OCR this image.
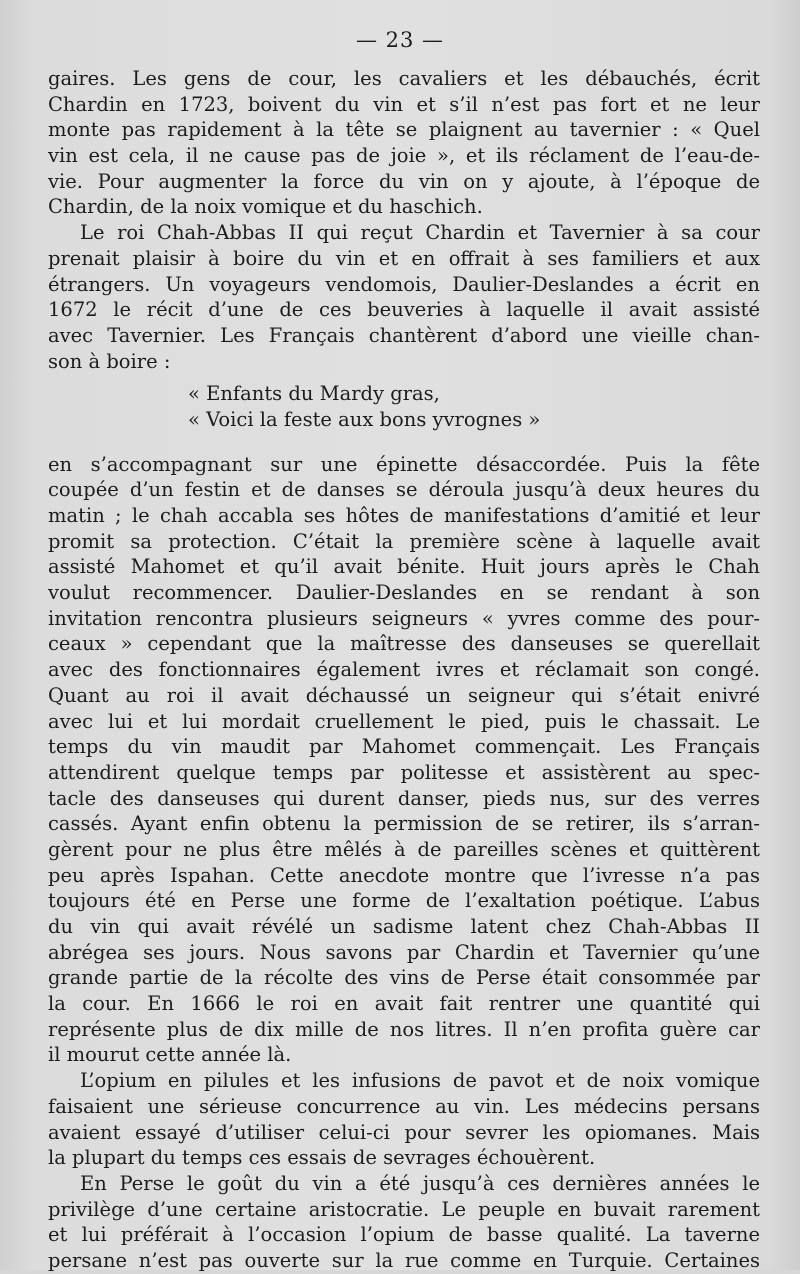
— 23 —
gaires. Les gens de cour, les cavaliers et les débauchés, écrit
Chardin en 1723, boivent du vin et s’il n’est pas fort et ne leur
monte pas rapidement à la tête se plaignent au tavernier : « Quel
vin est cela, il ne cause pas de joie », et ils réclament de l’eau-de-
vie. Pour augmenter la force du vin on y ajoute, à l’époque de
Chardin, de la noix vomique et du haschich.
Le roi Chah-Abbas II qui reçut Chardin et Tavernier à sa cour
prenait plaisir à boire du vin et en offrait à ses familiers et aux
étrangers. Un voyageurs vendomois, Daulier-Deslandes a écrit en
1672 le récit d’une de ces beuveries à laquelle il avait assisté
avec Tavernier. Les Français chantèrent d’abord une vieille chan-
son à boire :
« Enfants du Mardy gras,
« Voici la feste aux bons yvrognes »
en s’accompagnant sur une épinette désaccordée. Puis la fête
coupée d’un festin et de danses se déroula jusqu’à deux heures du
matin ; le chah accabla ses hôtes de manifestations d’amitié et leur
promit sa protection. C’était la première scène à laquelle avait
assisté Mahomet et qu’il avait bénite. Huit jours après le Chah
voulut recommencer. Daulier-Deslandes en se rendant à son
invitation rencontra plusieurs seigneurs « yvres comme des pour-
ceaux » cependant que la maîtresse des danseuses se querellait
avec des fonctionnaires également ivres et réclamait son congé.
Quant au roi il avait déchaussé un seigneur qui s’était enivré
avec lui et lui mordait cruellement le pied, puis le chassait. Le
temps du vin maudit par Mahomet commençait. Les Français
attendirent quelque temps par politesse et assistèrent au spec-
tacle des danseuses qui durent danser, pieds nus, sur des verres
cassés. Ayant enfin obtenu la permission de se retirer, ils s’arran-
gèrent pour ne plus être mêlés à de pareilles scènes et quittèrent
peu après Ispahan. Cette anecdote montre que l’ivresse n’a pas
toujours été en Perse une forme de l’exaltation poétique. L’abus
du vin qui avait révélé un sadisme latent chez Chah-Abbas II
abrégea ses jours. Nous savons par Chardin et Tavernier qu’une
grande partie de la récolte des vins de Perse était consommée par
la cour. En 1666 le roi en avait fait rentrer une quantité qui
représente plus de dix mille de nos litres. Il n’en profita guère car
il mourut cette année là.
L’opium en pilules et les infusions de pavot et de noix vomique
faisaient une sérieuse concurrence au vin. Les médecins persans
avaient essayé d’utiliser celui-ci pour sevrer les opiomanes. Mais
la plupart du temps ces essais de sevrages échouèrent.
En Perse le goût du vin a été jusqu’à ces dernières années le
privilège d’une certaine aristocratie. Le peuple en buvait rarement
et lui préférait à l’occasion l’opium de basse qualité. La taverne
persane n’est pas ouverte sur la rue comme en Turquie. Certaines
